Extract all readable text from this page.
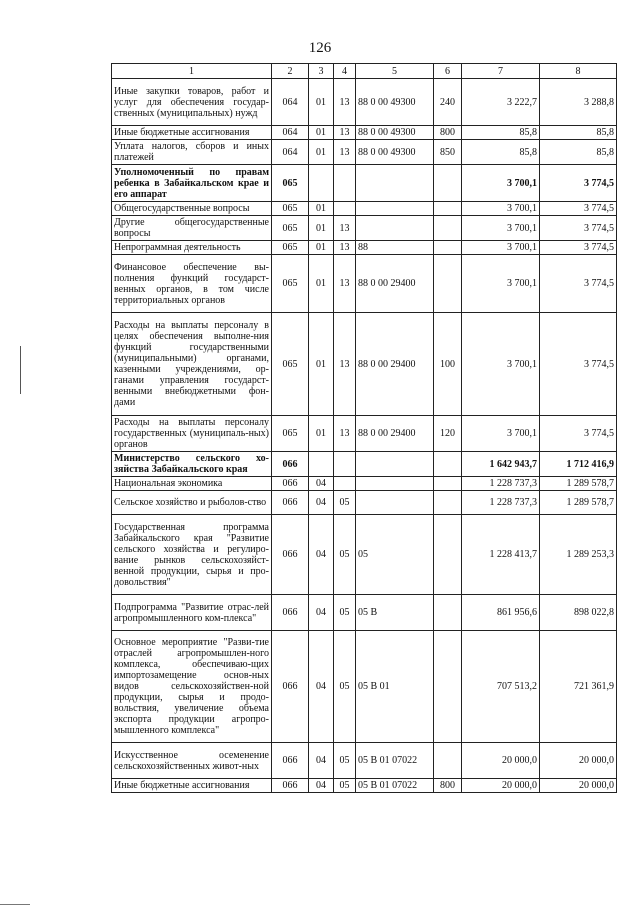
126
1	2	3	4	5	6	7	8
Иные закупки товаров, работ и услуг для обеспечения государ-ственных (муниципальных) нужд	064	01	13	88 0 00 49300	240	3 222,7	3 288,8
Иные бюджетные ассигнования	064	01	13	88 0 00 49300	800	85,8	85,8
Уплата налогов, сборов и иных платежей	064	01	13	88 0 00 49300	850	85,8	85,8
Уполномоченный по правам ребенка в Забайкальском крае и его аппарат	065					3 700,1	3 774,5
Общегосударственные вопросы	065	01				3 700,1	3 774,5
Другие общегосударственные вопросы	065	01	13			3 700,1	3 774,5
Непрограммная деятельность	065	01	13	88		3 700,1	3 774,5
Финансовое обеспечение вы-полнения функций государст-венных органов, в том числе территориальных органов	065	01	13	88 0 00 29400		3 700,1	3 774,5
Расходы на выплаты персоналу в целях обеспечения выполне-ния функций государственными (муниципальными) органами, казенными учреждениями, ор-ганами управления государст-венными внебюджетными фон-дами	065	01	13	88 0 00 29400	100	3 700,1	3 774,5
Расходы на выплаты персоналу государственных (муниципаль-ных) органов	065	01	13	88 0 00 29400	120	3 700,1	3 774,5
Министерство сельского хо-зяйства Забайкальского края	066					1 642 943,7	1 712 416,9
Национальная экономика	066	04				1 228 737,3	1 289 578,7
Сельское хозяйство и рыболов-ство	066	04	05			1 228 737,3	1 289 578,7
Государственная программа Забайкальского края "Развитие сельского хозяйства и регулиро-вание рынков сельскохозяйст-венной продукции, сырья и про-довольствия"	066	04	05	05		1 228 413,7	1 289 253,3
Подпрограмма "Развитие отрас-лей агропромышленного ком-плекса"	066	04	05	05 В		861 956,6	898 022,8
Основное мероприятие "Разви-тие отраслей агропромышлен-ного комплекса, обеспечиваю-щих импортозамещение основ-ных видов сельскохозяйствен-ной продукции, сырья и продо-вольствия, увеличение объема экспорта продукции агропро-мышленного комплекса"	066	04	05	05 В 01		707 513,2	721 361,9
Искусственное осеменение сельскохозяйственных живот-ных	066	04	05	05 В 01 07022		20 000,0	20 000,0
Иные бюджетные ассигнования	066	04	05	05 В 01 07022	800	20 000,0	20 000,0
